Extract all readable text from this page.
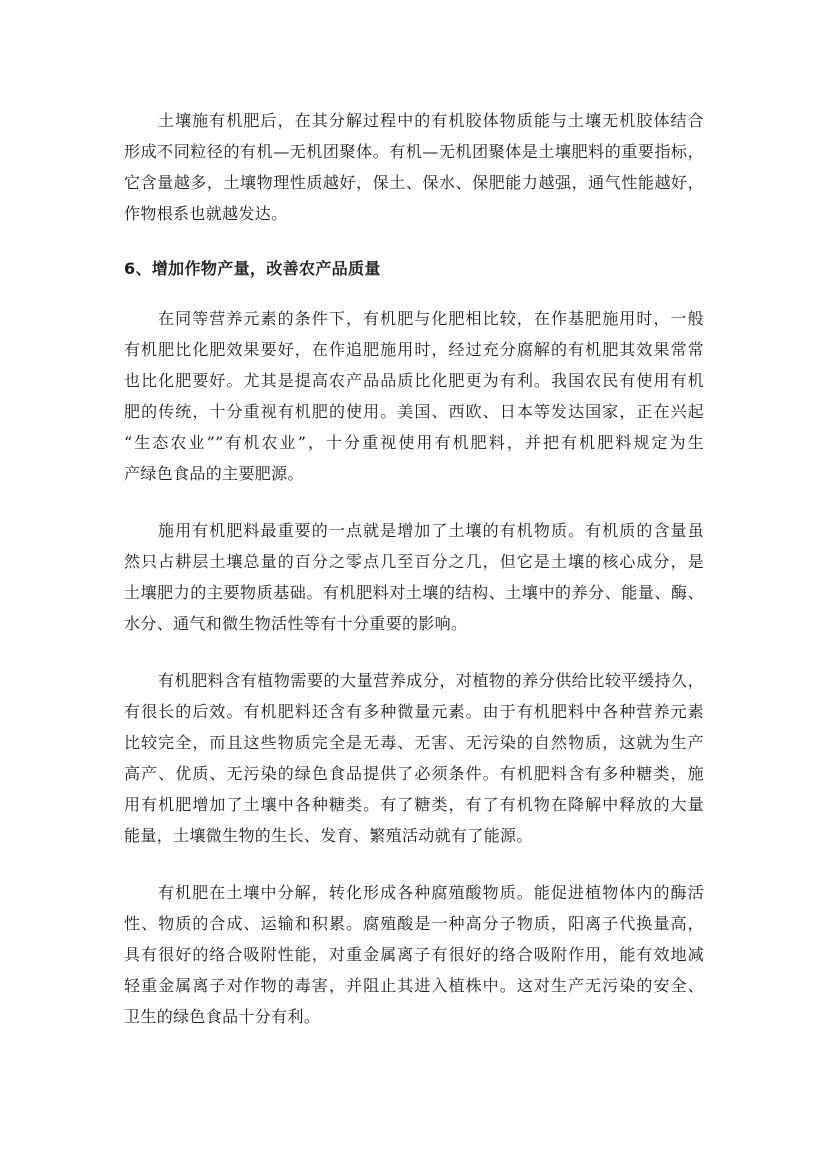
土壤施有机肥后，在其分解过程中的有机胶体物质能与土壤无机胶体结合
形成不同粒径的有机—无机团聚体。有机—无机团聚体是土壤肥料的重要指标，
它含量越多，土壤物理性质越好，保土、保水、保肥能力越强，通气性能越好，
作物根系也就越发达。
6、增加作物产量，改善农产品质量
在同等营养元素的条件下，有机肥与化肥相比较，在作基肥施用时，一般
有机肥比化肥效果要好，在作追肥施用时，经过充分腐解的有机肥其效果常常
也比化肥要好。尤其是提高农产品品质比化肥更为有利。我国农民有使用有机
肥的传统，十分重视有机肥的使用。美国、西欧、日本等发达国家，正在兴起
“生态农业””有机农业”，十分重视使用有机肥料，并把有机肥料规定为生
产绿色食品的主要肥源。
施用有机肥料最重要的一点就是增加了土壤的有机物质。有机质的含量虽
然只占耕层土壤总量的百分之零点几至百分之几，但它是土壤的核心成分，是
土壤肥力的主要物质基础。有机肥料对土壤的结构、土壤中的养分、能量、酶、
水分、通气和微生物活性等有十分重要的影响。
有机肥料含有植物需要的大量营养成分，对植物的养分供给比较平缓持久，
有很长的后效。有机肥料还含有多种微量元素。由于有机肥料中各种营养元素
比较完全，而且这些物质完全是无毒、无害、无污染的自然物质，这就为生产
高产、优质、无污染的绿色食品提供了必须条件。有机肥料含有多种糖类，施
用有机肥增加了土壤中各种糖类。有了糖类，有了有机物在降解中释放的大量
能量，土壤微生物的生长、发育、繁殖活动就有了能源。
有机肥在土壤中分解，转化形成各种腐殖酸物质。能促进植物体内的酶活
性、物质的合成、运输和积累。腐殖酸是一种高分子物质，阳离子代换量高，
具有很好的络合吸附性能，对重金属离子有很好的络合吸附作用，能有效地减
轻重金属离子对作物的毒害，并阻止其进入植株中。这对生产无污染的安全、
卫生的绿色食品十分有利。
